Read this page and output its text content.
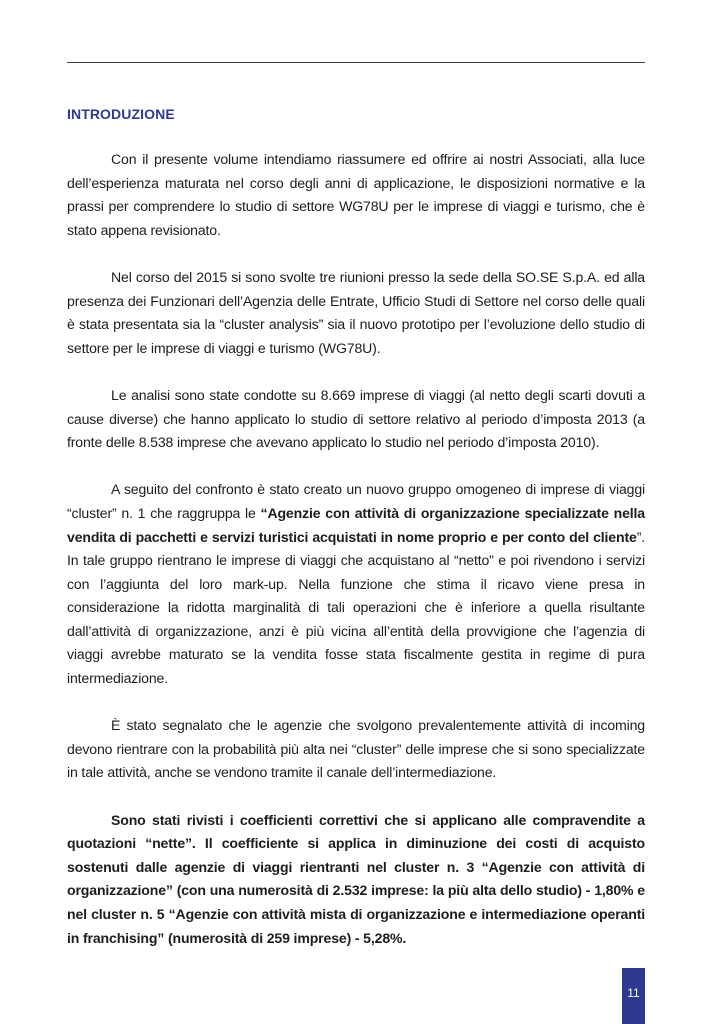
INTRODUZIONE

Con il presente volume intendiamo riassumere ed offrire ai nostri Associati, alla luce dell’esperienza maturata nel corso degli anni di applicazione, le disposizioni normative e la prassi per comprendere lo studio di settore WG78U per le imprese di viaggi e turismo, che è stato appena revisionato.

Nel corso del 2015 si sono svolte tre riunioni presso la sede della SO.SE S.p.A. ed alla presenza dei Funzionari dell’Agenzia delle Entrate, Ufficio Studi di Settore nel corso delle quali è stata presentata sia la “cluster analysis” sia il nuovo prototipo per l’evoluzione dello studio di settore per le imprese di viaggi e turismo (WG78U).

Le analisi sono state condotte su 8.669 imprese di viaggi (al netto degli scarti dovuti a cause diverse) che hanno applicato lo studio di settore relativo al periodo d’imposta 2013 (a fronte delle 8.538 imprese che avevano applicato lo studio nel periodo d’imposta 2010).

A seguito del confronto è stato creato un nuovo gruppo omogeneo di imprese di viaggi “cluster” n. 1 che raggruppa le “Agenzie con attività di organizzazione specializzate nella vendita di pacchetti e servizi turistici acquistati in nome proprio e per conto del cliente”. In tale gruppo rientrano le imprese di viaggi che acquistano al “netto” e poi rivendono i servizi con l’aggiunta del loro mark-up. Nella funzione che stima il ricavo viene presa in considerazione la ridotta marginalità di tali operazioni che è inferiore a quella risultante dall’attività di organizzazione, anzi è più vicina all’entità della provvigione che l’agenzia di viaggi avrebbe maturato se la vendita fosse stata fiscalmente gestita in regime di pura intermediazione.

È stato segnalato che le agenzie che svolgono prevalentemente attività di incoming devono rientrare con la probabilità più alta nei “cluster” delle imprese che si sono specializzate in tale attività, anche se vendono tramite il canale dell’intermediazione.

Sono stati rivisti i coefficienti correttivi che si applicano alle compravendite a quotazioni “nette”. Il coefficiente si applica in diminuzione dei costi di acquisto sostenuti dalle agenzie di viaggi rientranti nel cluster n. 3 “Agenzie con attività di organizzazione” (con una numerosità di 2.532 imprese: la più alta dello studio) - 1,80% e nel cluster n. 5 “Agenzie con attività mista di organizzazione e intermediazione operanti in franchising” (numerosità di 259 imprese) - 5,28%.

11
